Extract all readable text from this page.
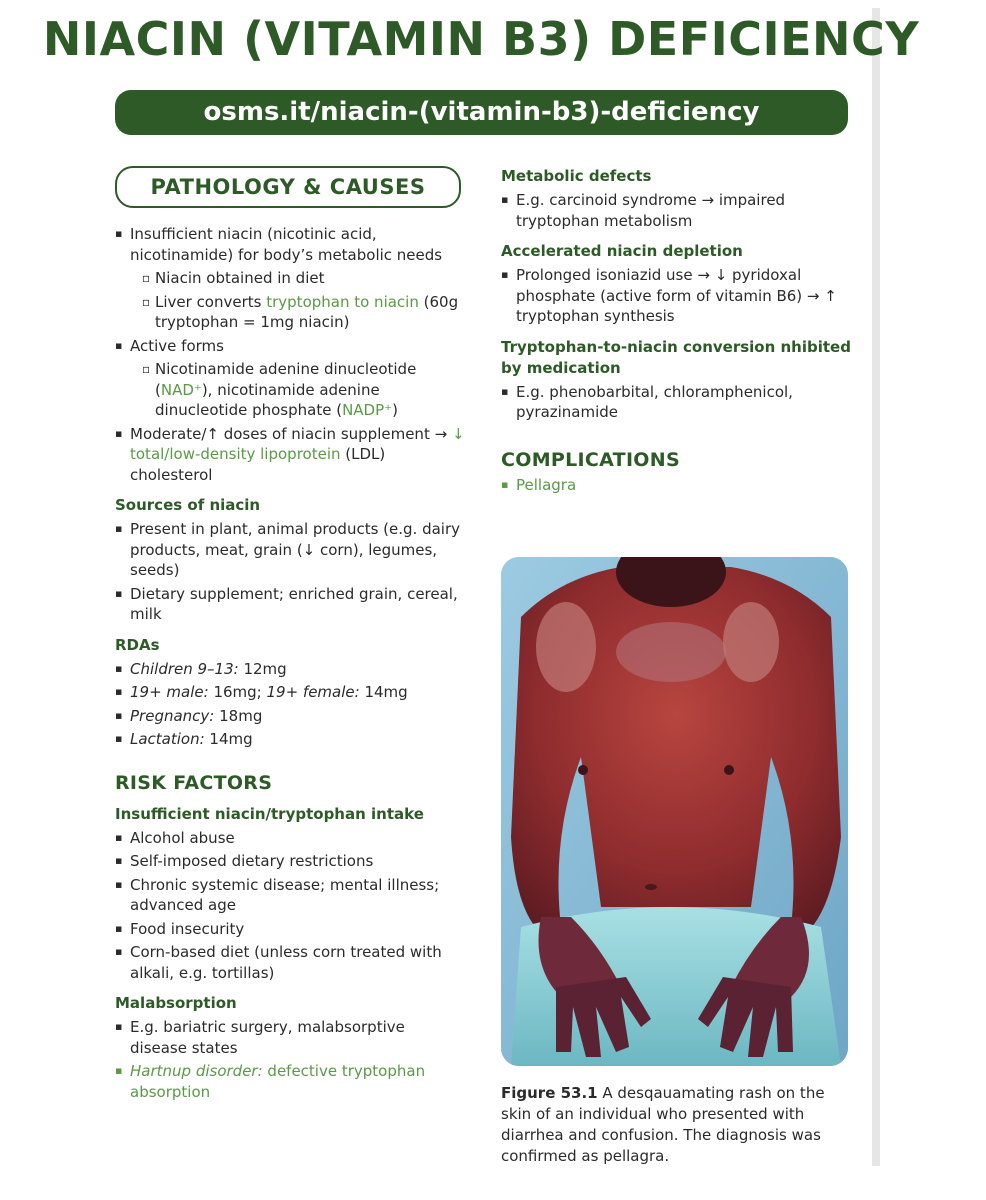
NIACIN (VITAMIN B3) DEFICIENCY
osms.it/niacin-(vitamin-b3)-deficiency
PATHOLOGY & CAUSES
▪ Insufficient niacin (nicotinic acid, nicotinamide) for body’s metabolic needs
▫ Niacin obtained in diet
▫ Liver converts tryptophan to niacin (60g tryptophan = 1mg niacin)
▪ Active forms
▫ Nicotinamide adenine dinucleotide (NAD⁺), nicotinamide adenine dinucleotide phosphate (NADP⁺)
▪ Moderate/↑ doses of niacin supplement → ↓ total/low-density lipoprotein (LDL) cholesterol
Sources of niacin
▪ Present in plant, animal products (e.g. dairy products, meat, grain (↓ corn), legumes, seeds)
▪ Dietary supplement; enriched grain, cereal, milk
RDAs
▪ Children 9–13: 12mg
▪ 19+ male: 16mg; 19+ female: 14mg
▪ Pregnancy: 18mg
▪ Lactation: 14mg
RISK FACTORS
Insufficient niacin/tryptophan intake
▪ Alcohol abuse
▪ Self-imposed dietary restrictions
▪ Chronic systemic disease; mental illness; advanced age
▪ Food insecurity
▪ Corn-based diet (unless corn treated with alkali, e.g. tortillas)
Malabsorption
▪ E.g. bariatric surgery, malabsorptive disease states
▪ Hartnup disorder: defective tryptophan absorption
Metabolic defects
▪ E.g. carcinoid syndrome → impaired tryptophan metabolism
Accelerated niacin depletion
▪ Prolonged isoniazid use → ↓ pyridoxal phosphate (active form of vitamin B6) → ↑ tryptophan synthesis
Tryptophan-to-niacin conversion nhibited by medication
▪ E.g. phenobarbital, chloramphenicol, pyrazinamide
COMPLICATIONS
▪ Pellagra

Figure 53.1 A desqauamating rash on the skin of an individual who presented with diarrhea and confusion. The diagnosis was confirmed as pellagra.
